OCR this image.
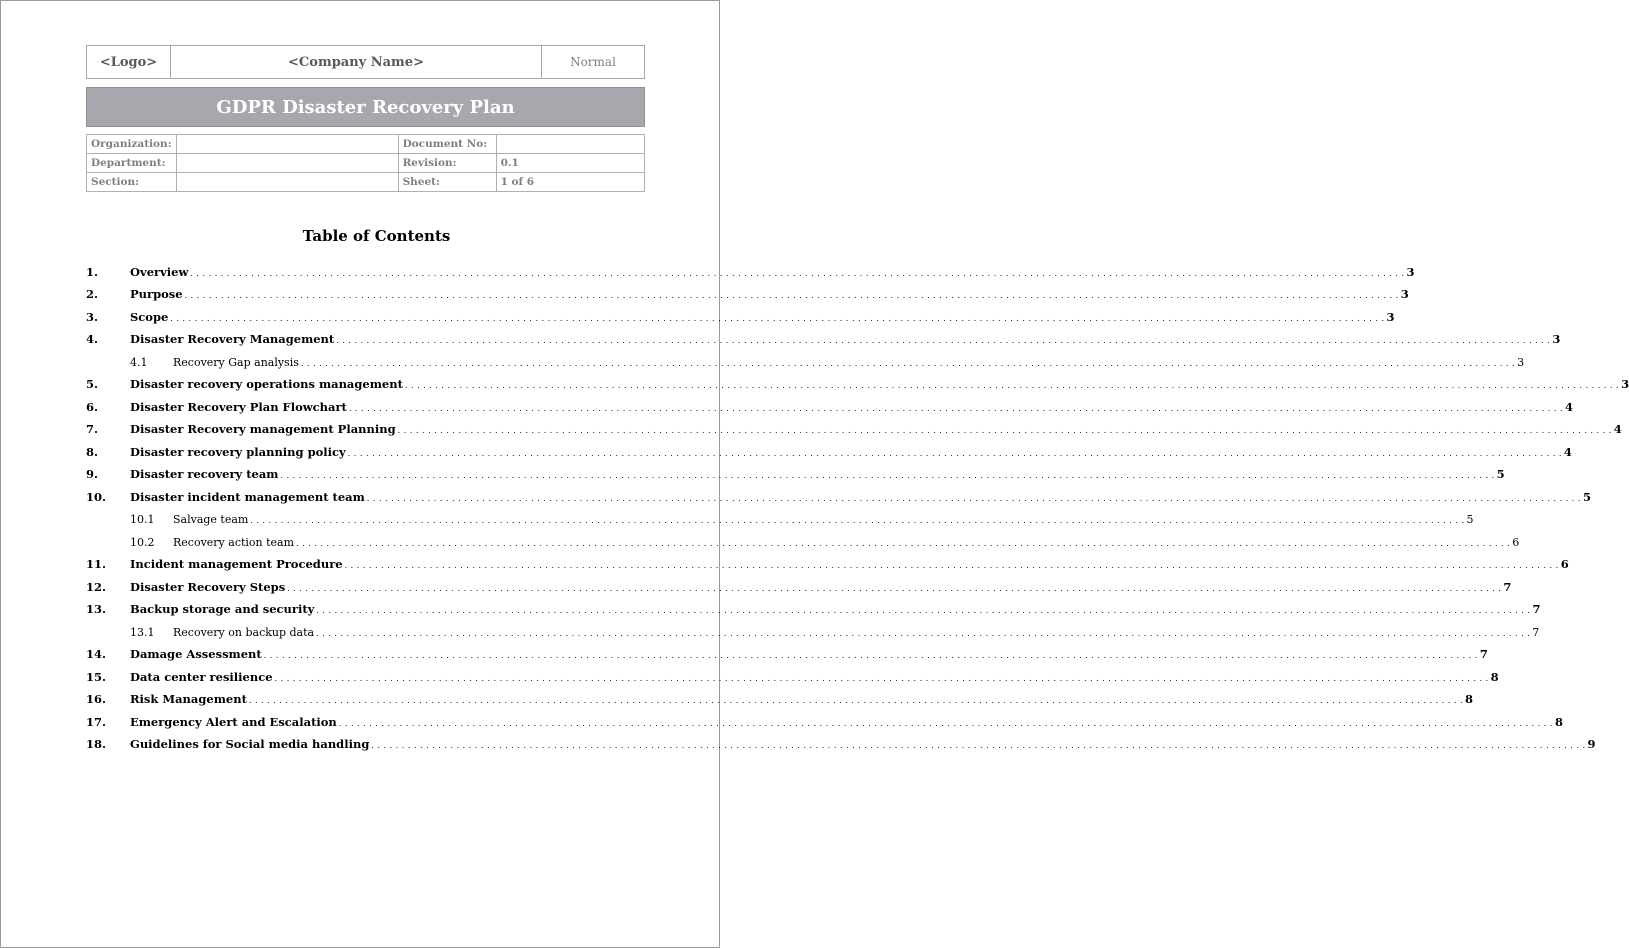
<Logo>	<Company Name>	Normal
GDPR Disaster Recovery Plan
Organization:		Document No:	
Department:		Revision:	0.1
Section:		Sheet:	1 of 6
Table of Contents
1.	Overview . . . . . . . . . . . . . . . . . . . . . . . . . . . . . . . . . . . . . . . . . . . . . . . . . . . . . . . . . . . . . . . . . . . . . . . . . . . . . . . . . . . . . . . . . . . . . . . . . . . . . . . . . . . . . . . . . . . . . . . . . . . . . . . . . . . . . . . . . . . . . . . . . . . . . . . . . . . . . . . . . . . . . . . . . . . . . . . . . . . . . . . . . . . . . . . . . . . . . . . . 3
2.	Purpose . . . . . . . . . . . . . . . . . . . . . . . . . . . . . . . . . . . . . . . . . . . . . . . . . . . . . . . . . . . . . . . . . . . . . . . . . . . . . . . . . . . . . . . . . . . . . . . . . . . . . . . . . . . . . . . . . . . . . . . . . . . . . . . . . . . . . . . . . . . . . . . . . . . . . . . . . . . . . . . . . . . . . . . . . . . . . . . . . . . . . . . . . . . . . . . . . . . . . . . . 3
3.	Scope . . . . . . . . . . . . . . . . . . . . . . . . . . . . . . . . . . . . . . . . . . . . . . . . . . . . . . . . . . . . . . . . . . . . . . . . . . . . . . . . . . . . . . . . . . . . . . . . . . . . . . . . . . . . . . . . . . . . . . . . . . . . . . . . . . . . . . . . . . . . . . . . . . . . . . . . . . . . . . . . . . . . . . . . . . . . . . . . . . . . . . . . . . . . . . . . . . . . . . . . 3
4.	Disaster Recovery Management . . . . . . . . . . . . . . . . . . . . . . . . . . . . . . . . . . . . . . . . . . . . . . . . . . . . . . . . . . . . . . . . . . . . . . . . . . . . . . . . . . . . . . . . . . . . . . . . . . . . . . . . . . . . . . . . . . . . . . . . . . . . . . . . . . . . . . . . . . . . . . . . . . . . . . . . . . . . . . . . . . . . . . . . . . . . . . . . . . . . . . . . . . . . . . . . . . . . . . . . 3
4.1 Recovery Gap analysis . . . . . . . . . . . . . . . . . . . . . . . . . . . . . . . . . . . . . . . . . . . . . . . . . . . . . . . . . . . . . . . . . . . . . . . . . . . . . . . . . . . . . . . . . . . . . . . . . . . . . . . . . . . . . . . . . . . . . . . . . . . . . . . . . . . . . . . . . . . . . . . . . . . . . . . . . . . . . . . . . . . . . . . . . . . . . . . . . . . . . . . . . . . . . . . . . . . . . . . . 3
5.	Disaster recovery operations management . . . . . . . . . . . . . . . . . . . . . . . . . . . . . . . . . . . . . . . . . . . . . . . . . . . . . . . . . . . . . . . . . . . . . . . . . . . . . . . . . . . . . . . . . . . . . . . . . . . . . . . . . . . . . . . . . . . . . . . . . . . . . . . . . . . . . . . . . . . . . . . . . . . . . . . . . . . . . . . . . . . . . . . . . . . . . . . . . . . . . . . . . . . . . . . . . . . . . . . . 3
6.	Disaster Recovery Plan Flowchart . . . . . . . . . . . . . . . . . . . . . . . . . . . . . . . . . . . . . . . . . . . . . . . . . . . . . . . . . . . . . . . . . . . . . . . . . . . . . . . . . . . . . . . . . . . . . . . . . . . . . . . . . . . . . . . . . . . . . . . . . . . . . . . . . . . . . . . . . . . . . . . . . . . . . . . . . . . . . . . . . . . . . . . . . . . . . . . . . . . . . . . . . . . . . . . . . . . . . . . . 4
7.	Disaster Recovery management Planning . . . . . . . . . . . . . . . . . . . . . . . . . . . . . . . . . . . . . . . . . . . . . . . . . . . . . . . . . . . . . . . . . . . . . . . . . . . . . . . . . . . . . . . . . . . . . . . . . . . . . . . . . . . . . . . . . . . . . . . . . . . . . . . . . . . . . . . . . . . . . . . . . . . . . . . . . . . . . . . . . . . . . . . . . . . . . . . . . . . . . . . . . . . . . . . . . . . . . . . . 4
8.	Disaster recovery planning policy . . . . . . . . . . . . . . . . . . . . . . . . . . . . . . . . . . . . . . . . . . . . . . . . . . . . . . . . . . . . . . . . . . . . . . . . . . . . . . . . . . . . . . . . . . . . . . . . . . . . . . . . . . . . . . . . . . . . . . . . . . . . . . . . . . . . . . . . . . . . . . . . . . . . . . . . . . . . . . . . . . . . . . . . . . . . . . . . . . . . . . . . . . . . . . . . . . . . . . . . 4
9.	Disaster recovery team . . . . . . . . . . . . . . . . . . . . . . . . . . . . . . . . . . . . . . . . . . . . . . . . . . . . . . . . . . . . . . . . . . . . . . . . . . . . . . . . . . . . . . . . . . . . . . . . . . . . . . . . . . . . . . . . . . . . . . . . . . . . . . . . . . . . . . . . . . . . . . . . . . . . . . . . . . . . . . . . . . . . . . . . . . . . . . . . . . . . . . . . . . . . . . . . . . . . . . . . 5
10. Disaster incident management team . . . . . . . . . . . . . . . . . . . . . . . . . . . . . . . . . . . . . . . . . . . . . . . . . . . . . . . . . . . . . . . . . . . . . . . . . . . . . . . . . . . . . . . . . . . . . . . . . . . . . . . . . . . . . . . . . . . . . . . . . . . . . . . . . . . . . . . . . . . . . . . . . . . . . . . . . . . . . . . . . . . . . . . . . . . . . . . . . . . . . . . . . . . . . . . . . . . . . . . . 5
10.1 Salvage team . . . . . . . . . . . . . . . . . . . . . . . . . . . . . . . . . . . . . . . . . . . . . . . . . . . . . . . . . . . . . . . . . . . . . . . . . . . . . . . . . . . . . . . . . . . . . . . . . . . . . . . . . . . . . . . . . . . . . . . . . . . . . . . . . . . . . . . . . . . . . . . . . . . . . . . . . . . . . . . . . . . . . . . . . . . . . . . . . . . . . . . . . . . . . . . . . . . . . . . . 5
10.2 Recovery action team . . . . . . . . . . . . . . . . . . . . . . . . . . . . . . . . . . . . . . . . . . . . . . . . . . . . . . . . . . . . . . . . . . . . . . . . . . . . . . . . . . . . . . . . . . . . . . . . . . . . . . . . . . . . . . . . . . . . . . . . . . . . . . . . . . . . . . . . . . . . . . . . . . . . . . . . . . . . . . . . . . . . . . . . . . . . . . . . . . . . . . . . . . . . . . . . . . . . . . . . 6
11. Incident management Procedure . . . . . . . . . . . . . . . . . . . . . . . . . . . . . . . . . . . . . . . . . . . . . . . . . . . . . . . . . . . . . . . . . . . . . . . . . . . . . . . . . . . . . . . . . . . . . . . . . . . . . . . . . . . . . . . . . . . . . . . . . . . . . . . . . . . . . . . . . . . . . . . . . . . . . . . . . . . . . . . . . . . . . . . . . . . . . . . . . . . . . . . . . . . . . . . . . . . . . . . . 6
12. Disaster Recovery Steps . . . . . . . . . . . . . . . . . . . . . . . . . . . . . . . . . . . . . . . . . . . . . . . . . . . . . . . . . . . . . . . . . . . . . . . . . . . . . . . . . . . . . . . . . . . . . . . . . . . . . . . . . . . . . . . . . . . . . . . . . . . . . . . . . . . . . . . . . . . . . . . . . . . . . . . . . . . . . . . . . . . . . . . . . . . . . . . . . . . . . . . . . . . . . . . . . . . . . . . . 7
13. Backup storage and security . . . . . . . . . . . . . . . . . . . . . . . . . . . . . . . . . . . . . . . . . . . . . . . . . . . . . . . . . . . . . . . . . . . . . . . . . . . . . . . . . . . . . . . . . . . . . . . . . . . . . . . . . . . . . . . . . . . . . . . . . . . . . . . . . . . . . . . . . . . . . . . . . . . . . . . . . . . . . . . . . . . . . . . . . . . . . . . . . . . . . . . . . . . . . . . . . . . . . . . . 7
13.1 Recovery on backup data . . . . . . . . . . . . . . . . . . . . . . . . . . . . . . . . . . . . . . . . . . . . . . . . . . . . . . . . . . . . . . . . . . . . . . . . . . . . . . . . . . . . . . . . . . . . . . . . . . . . . . . . . . . . . . . . . . . . . . . . . . . . . . . . . . . . . . . . . . . . . . . . . . . . . . . . . . . . . . . . . . . . . . . . . . . . . . . . . . . . . . . . . . . . . . . . . . . . . . . . 7
14. Damage Assessment . . . . . . . . . . . . . . . . . . . . . . . . . . . . . . . . . . . . . . . . . . . . . . . . . . . . . . . . . . . . . . . . . . . . . . . . . . . . . . . . . . . . . . . . . . . . . . . . . . . . . . . . . . . . . . . . . . . . . . . . . . . . . . . . . . . . . . . . . . . . . . . . . . . . . . . . . . . . . . . . . . . . . . . . . . . . . . . . . . . . . . . . . . . . . . . . . . . . . . . . 7
15. Data center resilience . . . . . . . . . . . . . . . . . . . . . . . . . . . . . . . . . . . . . . . . . . . . . . . . . . . . . . . . . . . . . . . . . . . . . . . . . . . . . . . . . . . . . . . . . . . . . . . . . . . . . . . . . . . . . . . . . . . . . . . . . . . . . . . . . . . . . . . . . . . . . . . . . . . . . . . . . . . . . . . . . . . . . . . . . . . . . . . . . . . . . . . . . . . . . . . . . . . . . . . . 8
16. Risk Management . . . . . . . . . . . . . . . . . . . . . . . . . . . . . . . . . . . . . . . . . . . . . . . . . . . . . . . . . . . . . . . . . . . . . . . . . . . . . . . . . . . . . . . . . . . . . . . . . . . . . . . . . . . . . . . . . . . . . . . . . . . . . . . . . . . . . . . . . . . . . . . . . . . . . . . . . . . . . . . . . . . . . . . . . . . . . . . . . . . . . . . . . . . . . . . . . . . . . . . . 8
17. Emergency Alert and Escalation . . . . . . . . . . . . . . . . . . . . . . . . . . . . . . . . . . . . . . . . . . . . . . . . . . . . . . . . . . . . . . . . . . . . . . . . . . . . . . . . . . . . . . . . . . . . . . . . . . . . . . . . . . . . . . . . . . . . . . . . . . . . . . . . . . . . . . . . . . . . . . . . . . . . . . . . . . . . . . . . . . . . . . . . . . . . . . . . . . . . . . . . . . . . . . . . . . . . . . . . 8
18. Guidelines for Social media handling . . . . . . . . . . . . . . . . . . . . . . . . . . . . . . . . . . . . . . . . . . . . . . . . . . . . . . . . . . . . . . . . . . . . . . . . . . . . . . . . . . . . . . . . . . . . . . . . . . . . . . . . . . . . . . . . . . . . . . . . . . . . . . . . . . . . . . . . . . . . . . . . . . . . . . . . . . . . . . . . . . . . . . . . . . . . . . . . . . . . . . . . . . . . . . . . . . . . . . . . 9
